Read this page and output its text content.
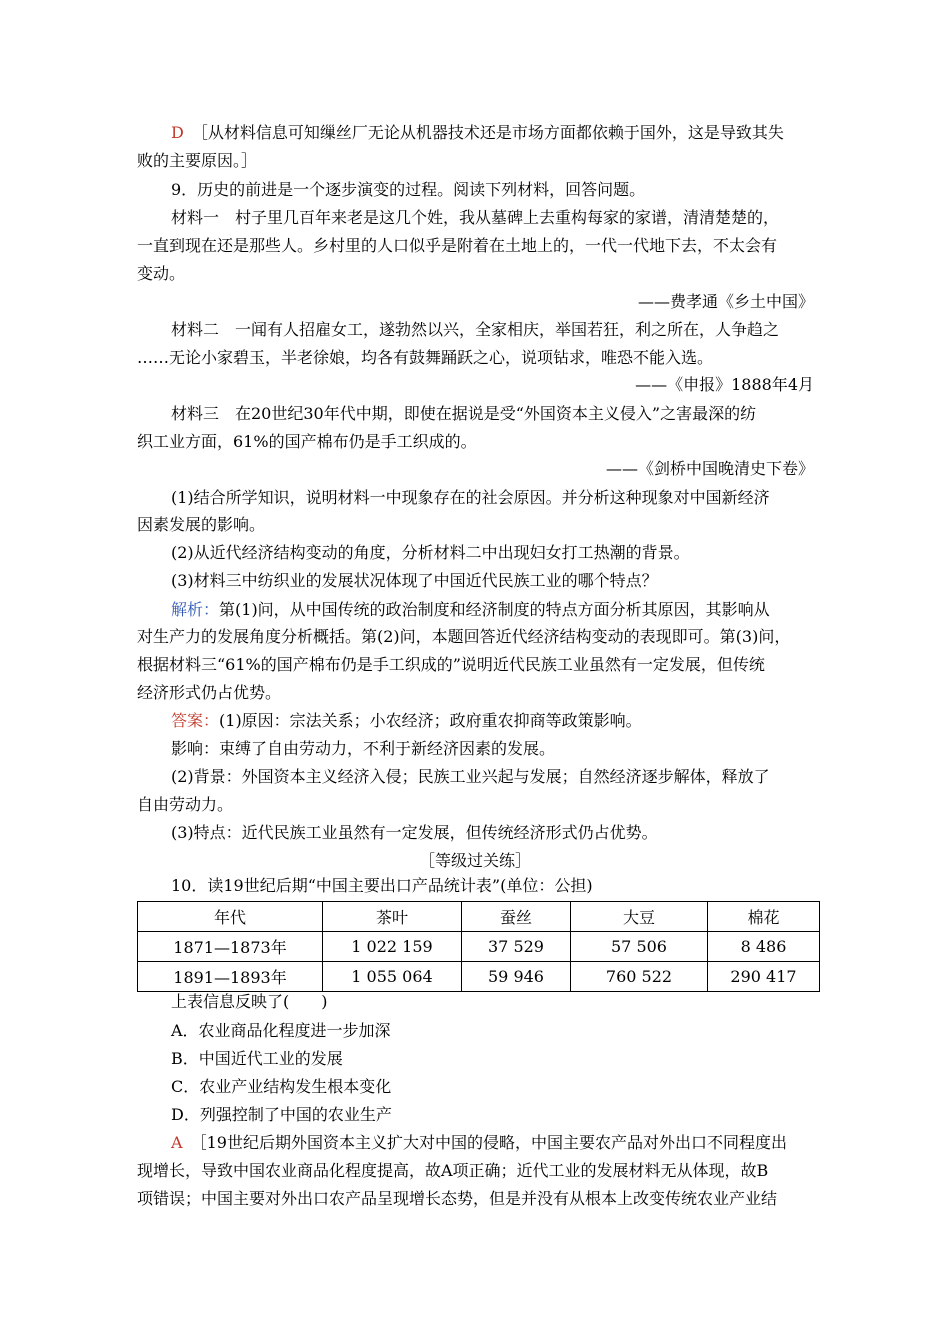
D　 ［从材料信息可知缫丝厂无论从机器技术还是市场方面都依赖于国外，这是导致其失
败的主要原因。］
9．历史的前进是一个逐步演变的过程。阅读下列材料，回答问题。
材料一　村子里几百年来老是这几个姓，我从墓碑上去重构每家的家谱，清清楚楚的，
一直到现在还是那些人。乡村里的人口似乎是附着在土地上的，一代一代地下去，不太会有
变动。
——费孝通《乡土中国》
材料二　一闻有人招雇女工，遂勃然以兴，全家相庆，举国若狂，利之所在，人争趋之
……无论小家碧玉，半老徐娘，均各有鼓舞踊跃之心，说项钻求，唯恐不能入选。
——《申报》1888年4月
材料三　在20世纪30年代中期，即使在据说是受“外国资本主义侵入”之害最深的纺
织工业方面，61%的国产棉布仍是手工织成的。
——《剑桥中国晚清史下卷》
(1)结合所学知识，说明材料一中现象存在的社会原因。并分析这种现象对中国新经济
因素发展的影响。
(2)从近代经济结构变动的角度，分析材料二中出现妇女打工热潮的背景。
(3)材料三中纺织业的发展状况体现了中国近代民族工业的哪个特点？
解析：第(1)问，从中国传统的政治制度和经济制度的特点方面分析其原因，其影响从
对生产力的发展角度分析概括。第(2)问，本题回答近代经济结构变动的表现即可。第(3)问，
根据材料三“61%的国产棉布仍是手工织成的”说明近代民族工业虽然有一定发展，但传统
经济形式仍占优势。
答案：(1)原因：宗法关系；小农经济；政府重农抑商等政策影响。
影响：束缚了自由劳动力，不利于新经济因素的发展。
(2)背景：外国资本主义经济入侵；民族工业兴起与发展；自然经济逐步解体，释放了
自由劳动力。
(3)特点：近代民族工业虽然有一定发展，但传统经济形式仍占优势。
［等级过关练］
10．读19世纪后期“中国主要出口产品统计表”(单位：公担)
年代	茶叶	蚕丝	大豆	棉花
1871—1873年	1 022 159	37 529	57 506	8 486
1891—1893年	1 055 064	59 946	760 522	290 417
上表信息反映了(　　)
A．农业商品化程度进一步加深
B．中国近代工业的发展
C．农业产业结构发生根本变化
D．列强控制了中国的农业生产
A　 ［19世纪后期外国资本主义扩大对中国的侵略，中国主要农产品对外出口不同程度出
现增长，导致中国农业商品化程度提高，故A项正确；近代工业的发展材料无从体现，故B
项错误；中国主要对外出口农产品呈现增长态势，但是并没有从根本上改变传统农业产业结
